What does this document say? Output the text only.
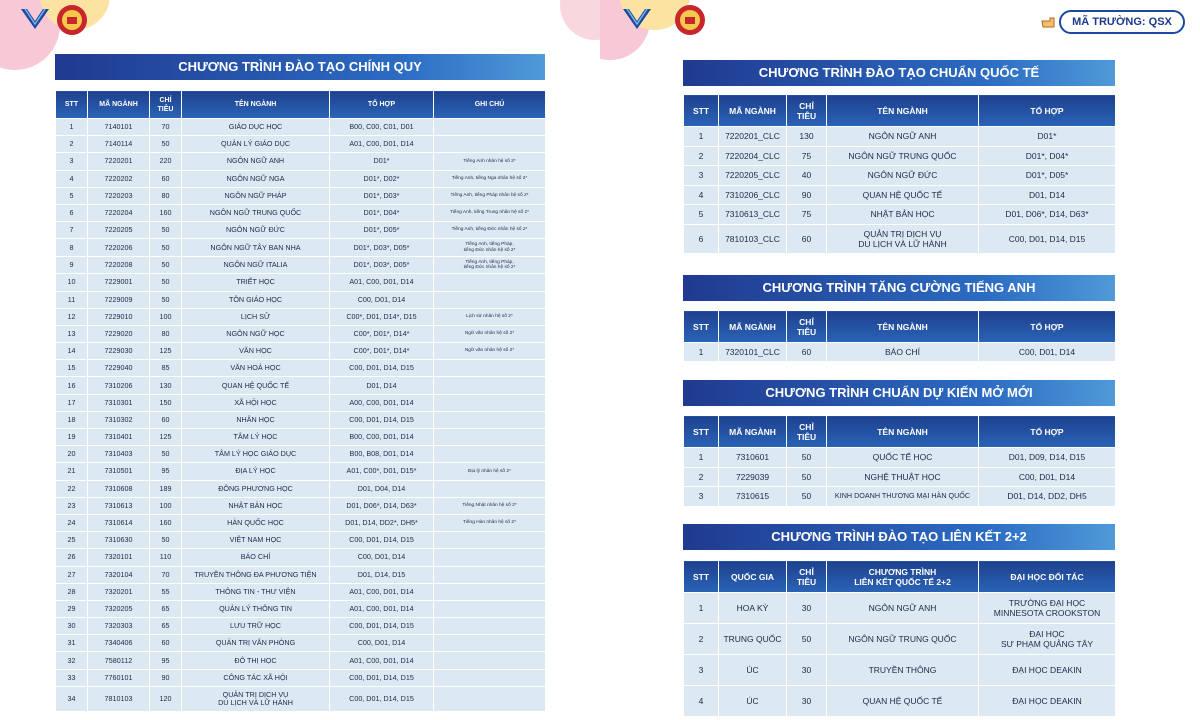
CHƯƠNG TRÌNH ĐÀO TẠO CHÍNH QUY
STT	MÃ NGÀNH	CHỈ TIÊU	TÊN NGÀNH	TỔ HỢP	GHI CHÚ
1	7140101	70	GIÁO DỤC HỌC	B00, C00, C01, D01	
2	7140114	50	QUẢN LÝ GIÁO DỤC	A01, C00, D01, D14	
3	7220201	220	NGÔN NGỮ ANH	D01*	Tiếng Anh nhân hệ số 2*
4	7220202	60	NGÔN NGỮ NGA	D01*, D02*	Tiếng Anh, tiếng Nga nhân hệ số 2*
5	7220203	80	NGÔN NGỮ PHÁP	D01*, D03*	Tiếng Anh, tiếng Pháp nhân hệ số 2*
6	7220204	160	NGÔN NGỮ TRUNG QUỐC	D01*, D04*	Tiếng Anh, tiếng Trung nhân hệ số 2*
7	7220205	50	NGÔN NGỮ ĐỨC	D01*, D05*	Tiếng Anh, tiếng Đức nhân hệ số 2*
8	7220206	50	NGÔN NGỮ TÂY BAN NHA	D01*, D03*, D05*	Tiếng Anh, tiếng Pháp,
tiếng Đức nhân hệ số 2*
9	7220208	50	NGÔN NGỮ ITALIA	D01*, D03*, D05*	Tiếng Anh, tiếng Pháp,
tiếng Đức nhân hệ số 2*
10	7229001	50	TRIẾT HỌC	A01, C00, D01, D14	
11	7229009	50	TÔN GIÁO HỌC	C00, D01, D14	
12	7229010	100	LỊCH SỬ	C00*, D01, D14*, D15	Lịch sử nhân hệ số 2*
13	7229020	80	NGÔN NGỮ HỌC	C00*, D01*, D14*	Ngữ văn nhân hệ số 2*
14	7229030	125	VĂN HỌC	C00*, D01*, D14*	Ngữ văn nhân hệ số 2*
15	7229040	85	VĂN HOÁ HỌC	C00, D01, D14, D15	
16	7310206	130	QUAN HỆ QUỐC TẾ	D01, D14	
17	7310301	150	XÃ HỘI HỌC	A00, C00, D01, D14	
18	7310302	60	NHÂN HỌC	C00, D01, D14, D15	
19	7310401	125	TÂM LÝ HỌC	B00, C00, D01, D14	
20	7310403	50	TÂM LÝ HỌC GIÁO DỤC	B00, B08, D01, D14	
21	7310501	95	ĐỊA LÝ HỌC	A01, C00*, D01, D15*	Địa lý nhân hệ số 2*
22	7310608	189	ĐÔNG PHƯƠNG HỌC	D01, D04, D14	
23	7310613	100	NHẬT BẢN HỌC	D01, D06*, D14, D63*	Tiếng Nhật nhân hệ số 2*
24	7310614	160	HÀN QUỐC HỌC	D01, D14, DD2*, DH5*	Tiếng Hàn nhân hệ số 2*
25	7310630	50	VIỆT NAM HỌC	C00, D01, D14, D15	
26	7320101	110	BÁO CHÍ	C00, D01, D14	
27	7320104	70	TRUYỀN THÔNG ĐA PHƯƠNG TIỆN	D01, D14, D15	
28	7320201	55	THÔNG TIN - THƯ VIỆN	A01, C00, D01, D14	
29	7320205	65	QUẢN LÝ THÔNG TIN	A01, C00, D01, D14	
30	7320303	65	LƯU TRỮ HỌC	C00, D01, D14, D15	
31	7340406	60	QUẢN TRỊ VĂN PHÒNG	C00, D01, D14	
32	7580112	95	ĐÔ THỊ HỌC	A01, C00, D01, D14	
33	7760101	90	CÔNG TÁC XÃ HỘI	C00, D01, D14, D15	
34	7810103	120	QUẢN TRỊ DỊCH VỤ
DU LỊCH VÀ LỮ HÀNH	C00, D01, D14, D15	
MÃ TRƯỜNG: QSX
CHƯƠNG TRÌNH ĐÀO TẠO CHUẨN QUỐC TẾ
STT	MÃ NGÀNH	CHỈ TIÊU	TÊN NGÀNH	TỔ HỢP
1	7220201_CLC	130	NGÔN NGỮ ANH	D01*
2	7220204_CLC	75	NGÔN NGỮ TRUNG QUỐC	D01*, D04*
3	7220205_CLC	40	NGÔN NGỮ ĐỨC	D01*, D05*
4	7310206_CLC	90	QUAN HỆ QUỐC TẾ	D01, D14
5	7310613_CLC	75	NHẬT BẢN HỌC	D01, D06*, D14, D63*
6	7810103_CLC	60	QUẢN TRỊ DỊCH VỤ
DU LỊCH VÀ LỮ HÀNH	C00, D01, D14, D15
CHƯƠNG TRÌNH TĂNG CƯỜNG TIẾNG ANH
STT	MÃ NGÀNH	CHỈ TIÊU	TÊN NGÀNH	TỔ HỢP
1	7320101_CLC	60	BÁO CHÍ	C00, D01, D14
CHƯƠNG TRÌNH CHUẨN DỰ KIẾN MỞ MỚI
STT	MÃ NGÀNH	CHỈ TIÊU	TÊN NGÀNH	TỔ HỢP
1	7310601	50	QUỐC TẾ HỌC	D01, D09, D14, D15
2	7229039	50	NGHỆ THUẬT HỌC	C00, D01, D14
3	7310615	50	KINH DOANH THƯƠNG MẠI HÀN QUỐC	D01, D14, DD2, DH5
CHƯƠNG TRÌNH ĐÀO TẠO LIÊN KẾT 2+2
STT	QUỐC GIA	CHỈ TIÊU	CHƯƠNG TRÌNH
LIÊN KẾT QUỐC TẾ 2+2	ĐẠI HỌC ĐỐI TÁC
1	HOA KỲ	30	NGÔN NGỮ ANH	TRƯỜNG ĐẠI HỌC
MINNESOTA CROOKSTON
2	TRUNG QUỐC	50	NGÔN NGỮ TRUNG QUỐC	ĐẠI HỌC
SƯ PHẠM QUẢNG TÂY
3	ÚC	30	TRUYỀN THÔNG	ĐẠI HỌC DEAKIN
4	ÚC	30	QUAN HỆ QUỐC TẾ	ĐẠI HỌC DEAKIN
